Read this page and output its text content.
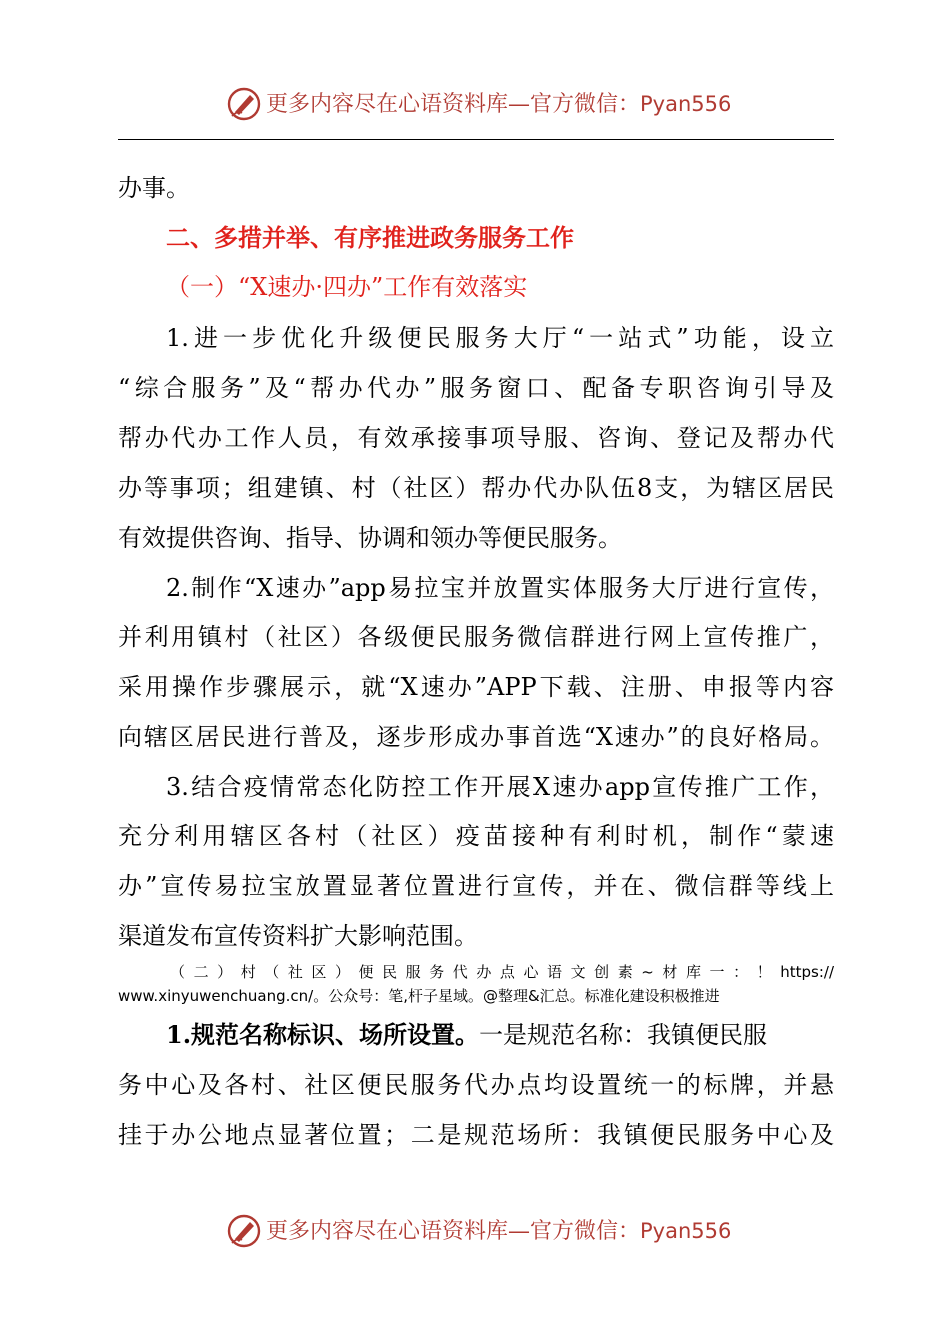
更多内容尽在心语资料库—官方微信：Pyan556
办事。
二、多措并举、有序推进政务服务工作
（一）“X速办·四办”工作有效落实
1.进一步优化升级便民服务大厅“一站式”功能，设立
“综合服务”及“帮办代办”服务窗口、配备专职咨询引导及
帮办代办工作人员，有效承接事项导服、咨询、登记及帮办代
办等事项；组建镇、村（社区）帮办代办队伍8支，为辖区居民
有效提供咨询、指导、协调和领办等便民服务。
2.制作“X速办”app易拉宝并放置实体服务大厅进行宣传，
并利用镇村（社区）各级便民服务微信群进行网上宣传推广，
采用操作步骤展示，就“X速办”APP下载、注册、申报等内容
向辖区居民进行普及，逐步形成办事首选“X速办”的良好格局。
3.结合疫情常态化防控工作开展X速办app宣传推广工作，
充分利用辖区各村（社区）疫苗接种有利时机，制作“蒙速
办”宣传易拉宝放置显著位置进行宣传，并在、微信群等线上
渠道发布宣传资料扩大影响范围。
（二）村（社区）便民服务代办点心语文创素~材库一：！https://
www.xinyuwenchuang.cn/。公众号：笔,杆子星域。@整理&汇总。标准化建设积极推进
1.规范名称标识、场所设置。一是规范名称：我镇便民服
务中心及各村、社区便民服务代办点均设置统一的标牌，并悬
挂于办公地点显著位置；二是规范场所：我镇便民服务中心及
更多内容尽在心语资料库—官方微信：Pyan556
